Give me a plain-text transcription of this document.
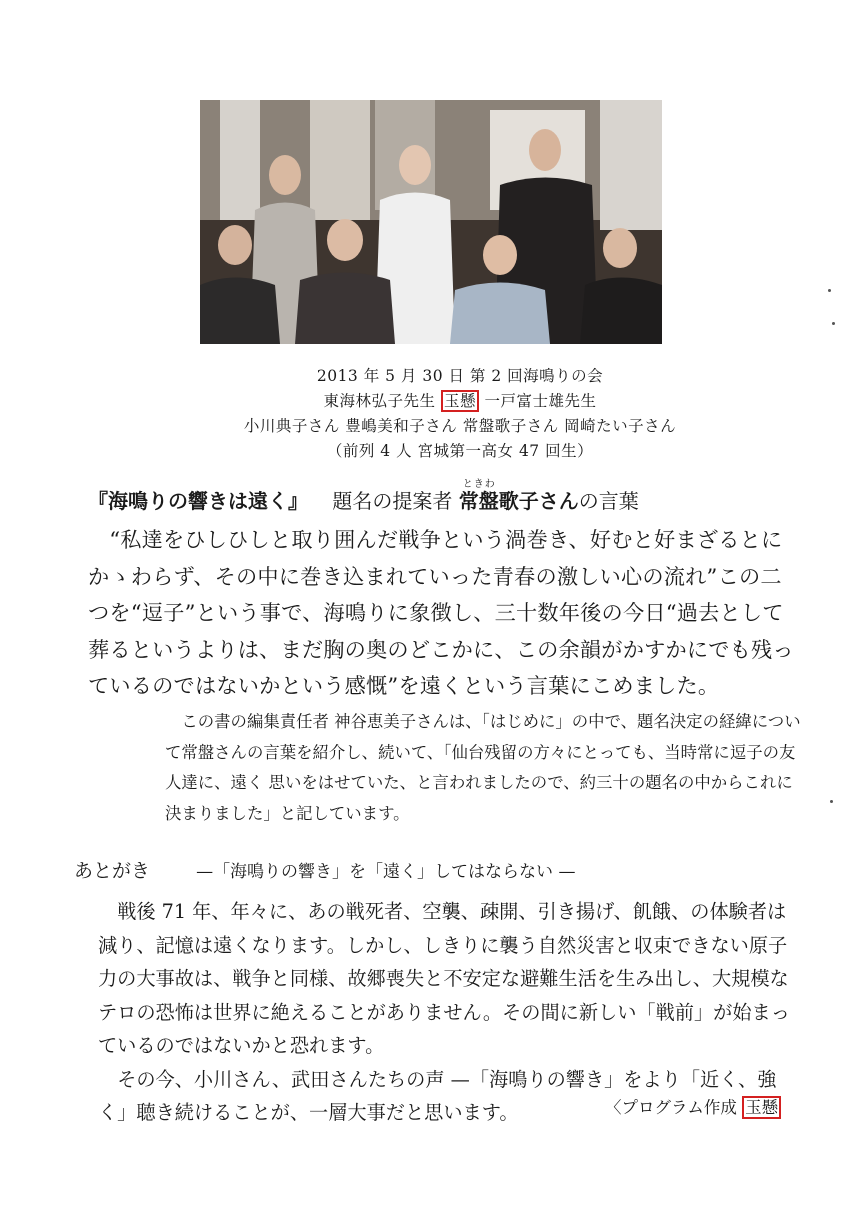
2013 年 5 月 30 日 第 2 回海鳴りの会
東海林弘子先生 玉懸 一戸富士雄先生
小川典子さん 豊嶋美和子さん 常盤歌子さん 岡崎たい子さん
（前列 4 人 宮城第一高女 47 回生）
『海鳴りの響きは遠く』 題名の提案者
ときわ
常盤歌子さんの言葉

“私達をひしひしと取り囲んだ戦争という渦巻き、好むと好まざるとにかゝわらず、その中に巻き込まれていった青春の激しい心の流れ”この二つを“逗子”という事で、海鳴りに象徴し、三十数年後の今日“過去として葬るというよりは、まだ胸の奥のどこかに、この余韻がかすかにでも残っているのではないかという感慨”を遠くという言葉にこめました。

この書の編集責任者 神谷恵美子さんは、「はじめに」の中で、題名決定の経緯について常盤さんの言葉を紹介し、続いて、「仙台残留の方々にとっても、当時常に逗子の友人達に、遠く 思いをはせていた、と言われましたので、約三十の題名の中からこれに決まりました」と記しています。

あとがき	—「海鳴りの響き」を「遠く」してはならない —

戦後 71 年、年々に、あの戦死者、空襲、疎開、引き揚げ、飢餓、の体験者は減り、記憶は遠くなります。しかし、しきりに襲う自然災害と収束できない原子力の大事故は、戦争と同様、故郷喪失と不安定な避難生活を生み出し、大規模なテロの恐怖は世界に絶えることがありません。その間に新しい「戦前」が始まっているのではないかと恐れます。

その今、小川さん、武田さんたちの声 —「海鳴りの響き」をより「近く、強く」聴き続けることが、一層大事だと思います。	〈プログラム作成 玉懸
